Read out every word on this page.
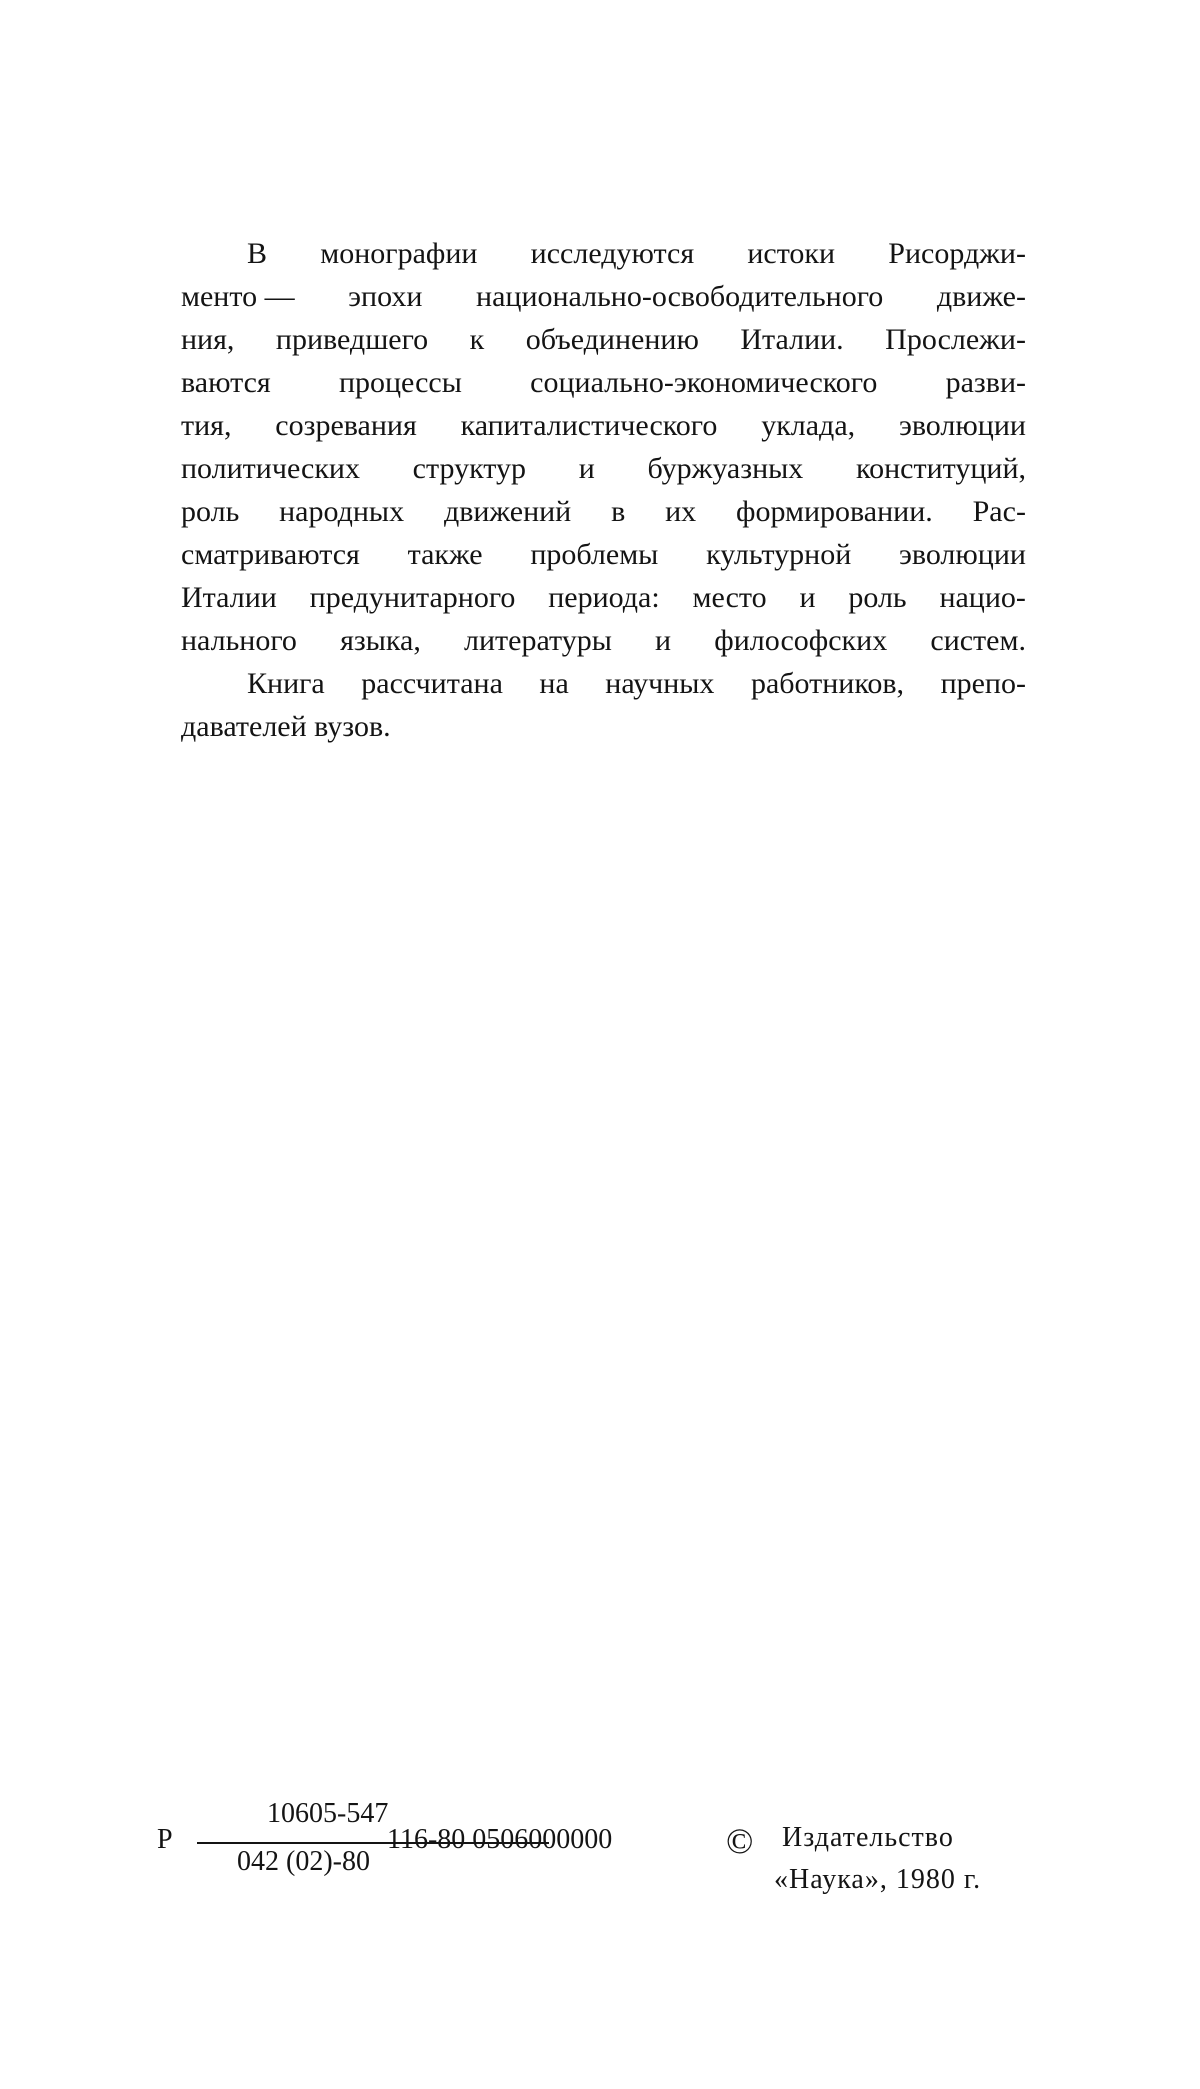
В монографии исследуются истоки Рисорджи-
менто — эпохи национально-освободительного движе-
ния, приведшего к объединению Италии. Прослежи-
ваются процессы социально-экономического разви-
тия, созревания капиталистического уклада, эволюции
политических структур и буржуазных конституций,
роль народных движений в их формировании. Рас-
сматриваются также проблемы культурной эволюции
Италии предунитарного периода: место и роль нацио-
нального языка, литературы и философских систем.
Книга рассчитана на научных работников, препо-
давателей вузов.
Р
10605-547
042 (02)-80
116-80 0506000000	© Издательство
«Наука», 1980 г.
